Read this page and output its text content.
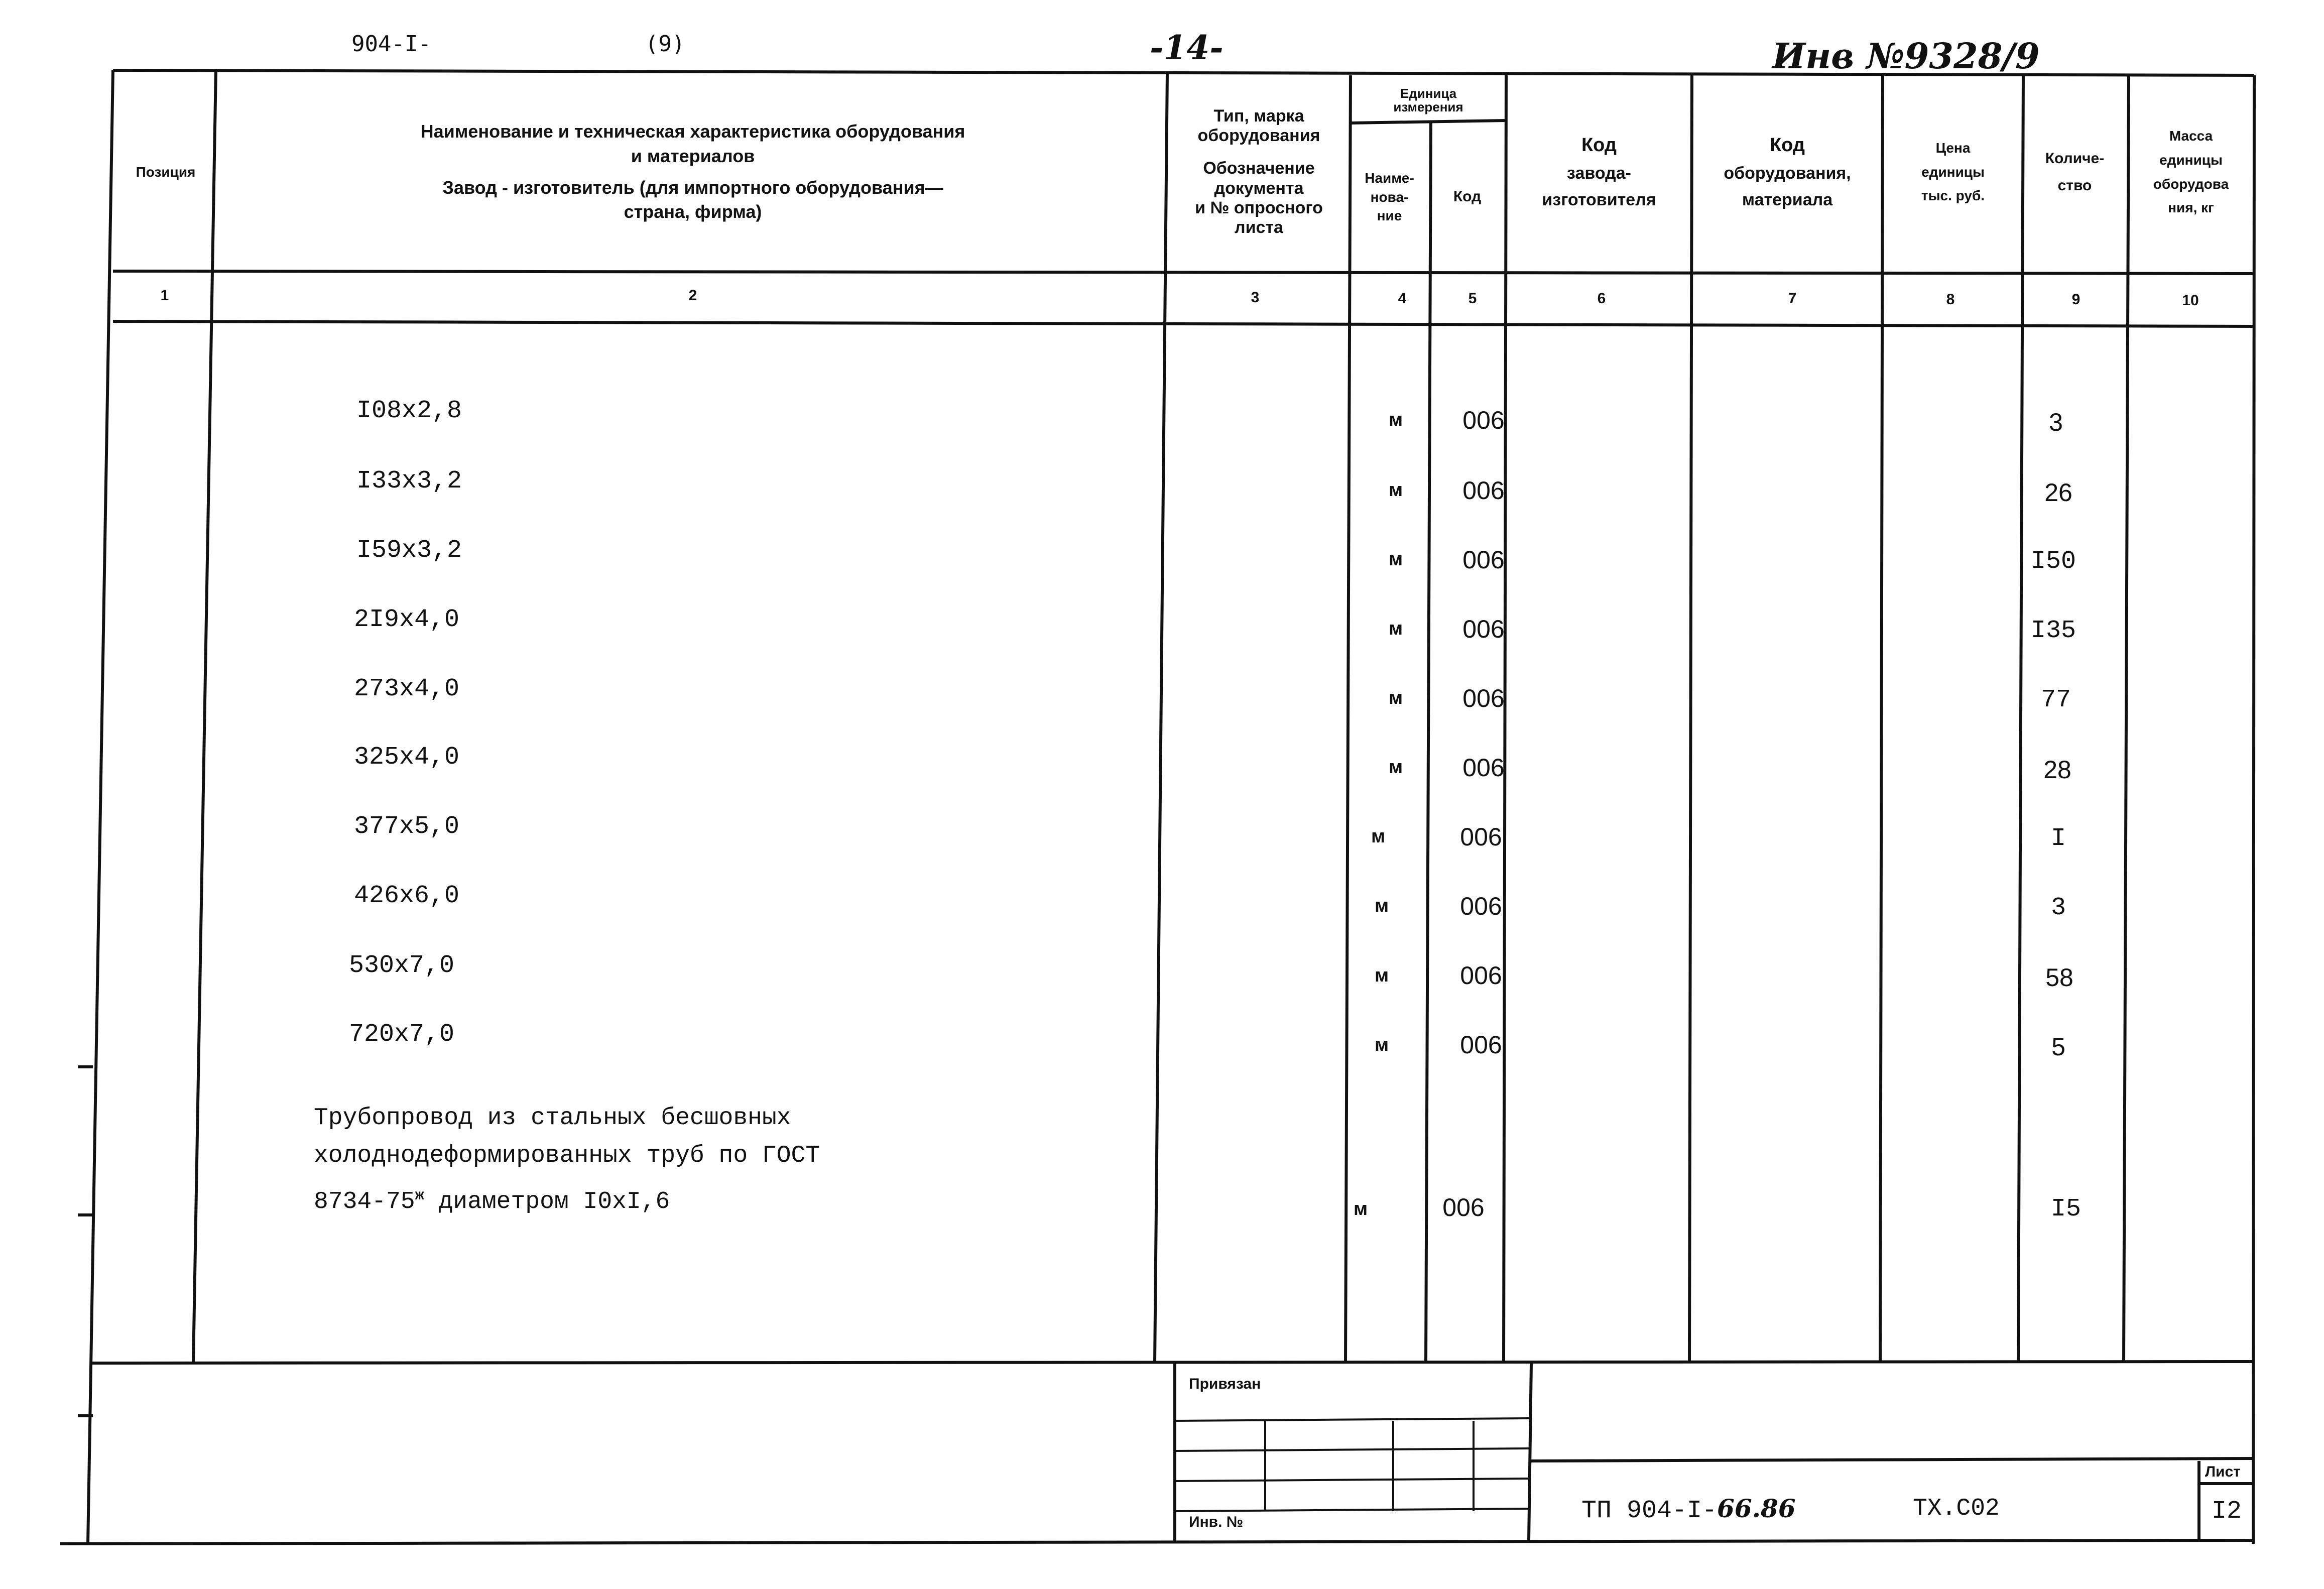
904-I-	(9)	-14-	Инв №9328/9
Позиция
Наименование и техническая характеристика оборудования
и материалов
Завод - изготовитель (для импортного оборудования—
страна, фирма)
Тип, марка
оборудования
Обозначение
документа
и № опросного
листа
Единица
измерения
Наиме-
нова-
ние
Код
Код
завода-
изготовителя
Код
оборудования,
материала
Цена
единицы
тыс. руб.
Количе-
ство
Масса
единицы
оборудова
ния, кг
1	2	3	4	5	6	7	8	9	10
I08x2,8	м	006	3
I33x3,2	м	006	26
I59x3,2	м	006	I50
2I9x4,0	м	006	I35
273x4,0	м	006	77
325x4,0	м	006	28
377x5,0	м	006	I
426x6,0	м	006	3
530x7,0	м	006	58
720x7,0	м	006	5
Трубопровод из стальных бесшовных
холоднодеформированных труб по ГОСТ
$8734-75^ж$ диаметром I0xI,6	м	006	I5
Привязан
Инв. №	ТП 904-I-66.86	ТХ.С02
Лист
I2
